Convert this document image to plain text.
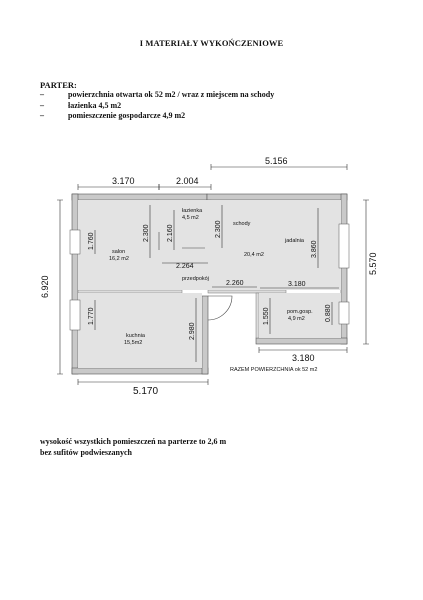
I MATERIAŁY WYKOŃCZENIOWE
PARTER:
–	powierzchnia otwarta ok 52 m2 / wraz z miejscem na schody
–	łazienka 4,5 m2
–	pomieszczenie gospodarcze 4,9 m2
3.170	2.004
5.156
6.920
5.570
5.170
1.760
1.770
2.300 2.160	2.300
2.264
3.860
2.260
2.980
3.180
1.550	0.880
3.180
salon
16,2 m2
łazienka
4,5 m2
schody
jadalnia
20,4 m2
przedpokój
kuchnia
15,5m2
pom.gosp.
4,9 m2
RAZEM POWIERZCHNIA ok 52 m2
wysokość wszystkich pomieszczeń na parterze to 2,6 m
bez sufitów podwieszanych
